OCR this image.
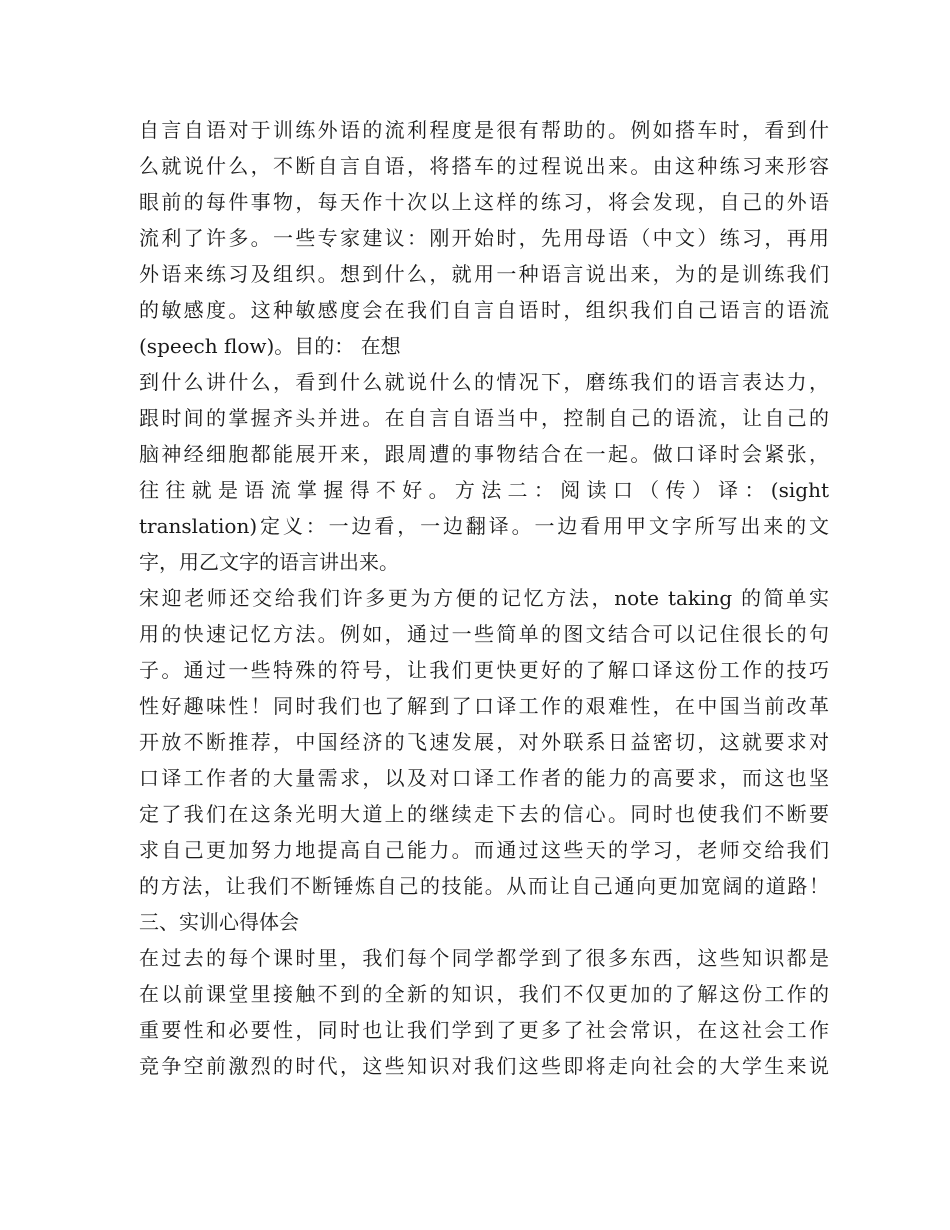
自言自语对于训练外语的流利程度是很有帮助的。例如搭车时，看到什
么就说什么，不断自言自语，将搭车的过程说出来。由这种练习来形容
眼前的每件事物，每天作十次以上这样的练习，将会发现，自己的外语
流利了许多。一些专家建议：刚开始时，先用母语（中文）练习，再用
外语来练习及组织。想到什么，就用一种语言说出来，为的是训练我们
的敏感度。这种敏感度会在我们自言自语时，组织我们自己语言的语流
(speech flow)。目的： 在想
到什么讲什么，看到什么就说什么的情况下，磨练我们的语言表达力，
跟时间的掌握齐头并进。在自言自语当中，控制自己的语流，让自己的
脑神经细胞都能展开来，跟周遭的事物结合在一起。做口译时会紧张，
往往就是语流掌握得不好。方法二：阅读口（传）译：(sight
translation)定义：一边看，一边翻译。一边看用甲文字所写出来的文
字，用乙文字的语言讲出来。
宋迎老师还交给我们许多更为方便的记忆方法，note taking 的简单实
用的快速记忆方法。例如，通过一些简单的图文结合可以记住很长的句
子。通过一些特殊的符号，让我们更快更好的了解口译这份工作的技巧
性好趣味性！同时我们也了解到了口译工作的艰难性，在中国当前改革
开放不断推荐，中国经济的飞速发展，对外联系日益密切，这就要求对
口译工作者的大量需求，以及对口译工作者的能力的高要求，而这也坚
定了我们在这条光明大道上的继续走下去的信心。同时也使我们不断要
求自己更加努力地提高自己能力。而通过这些天的学习，老师交给我们
的方法，让我们不断锤炼自己的技能。从而让自己通向更加宽阔的道路！
三、实训心得体会
在过去的每个课时里，我们每个同学都学到了很多东西，这些知识都是
在以前课堂里接触不到的全新的知识，我们不仅更加的了解这份工作的
重要性和必要性，同时也让我们学到了更多了社会常识，在这社会工作
竞争空前激烈的时代，这些知识对我们这些即将走向社会的大学生来说
